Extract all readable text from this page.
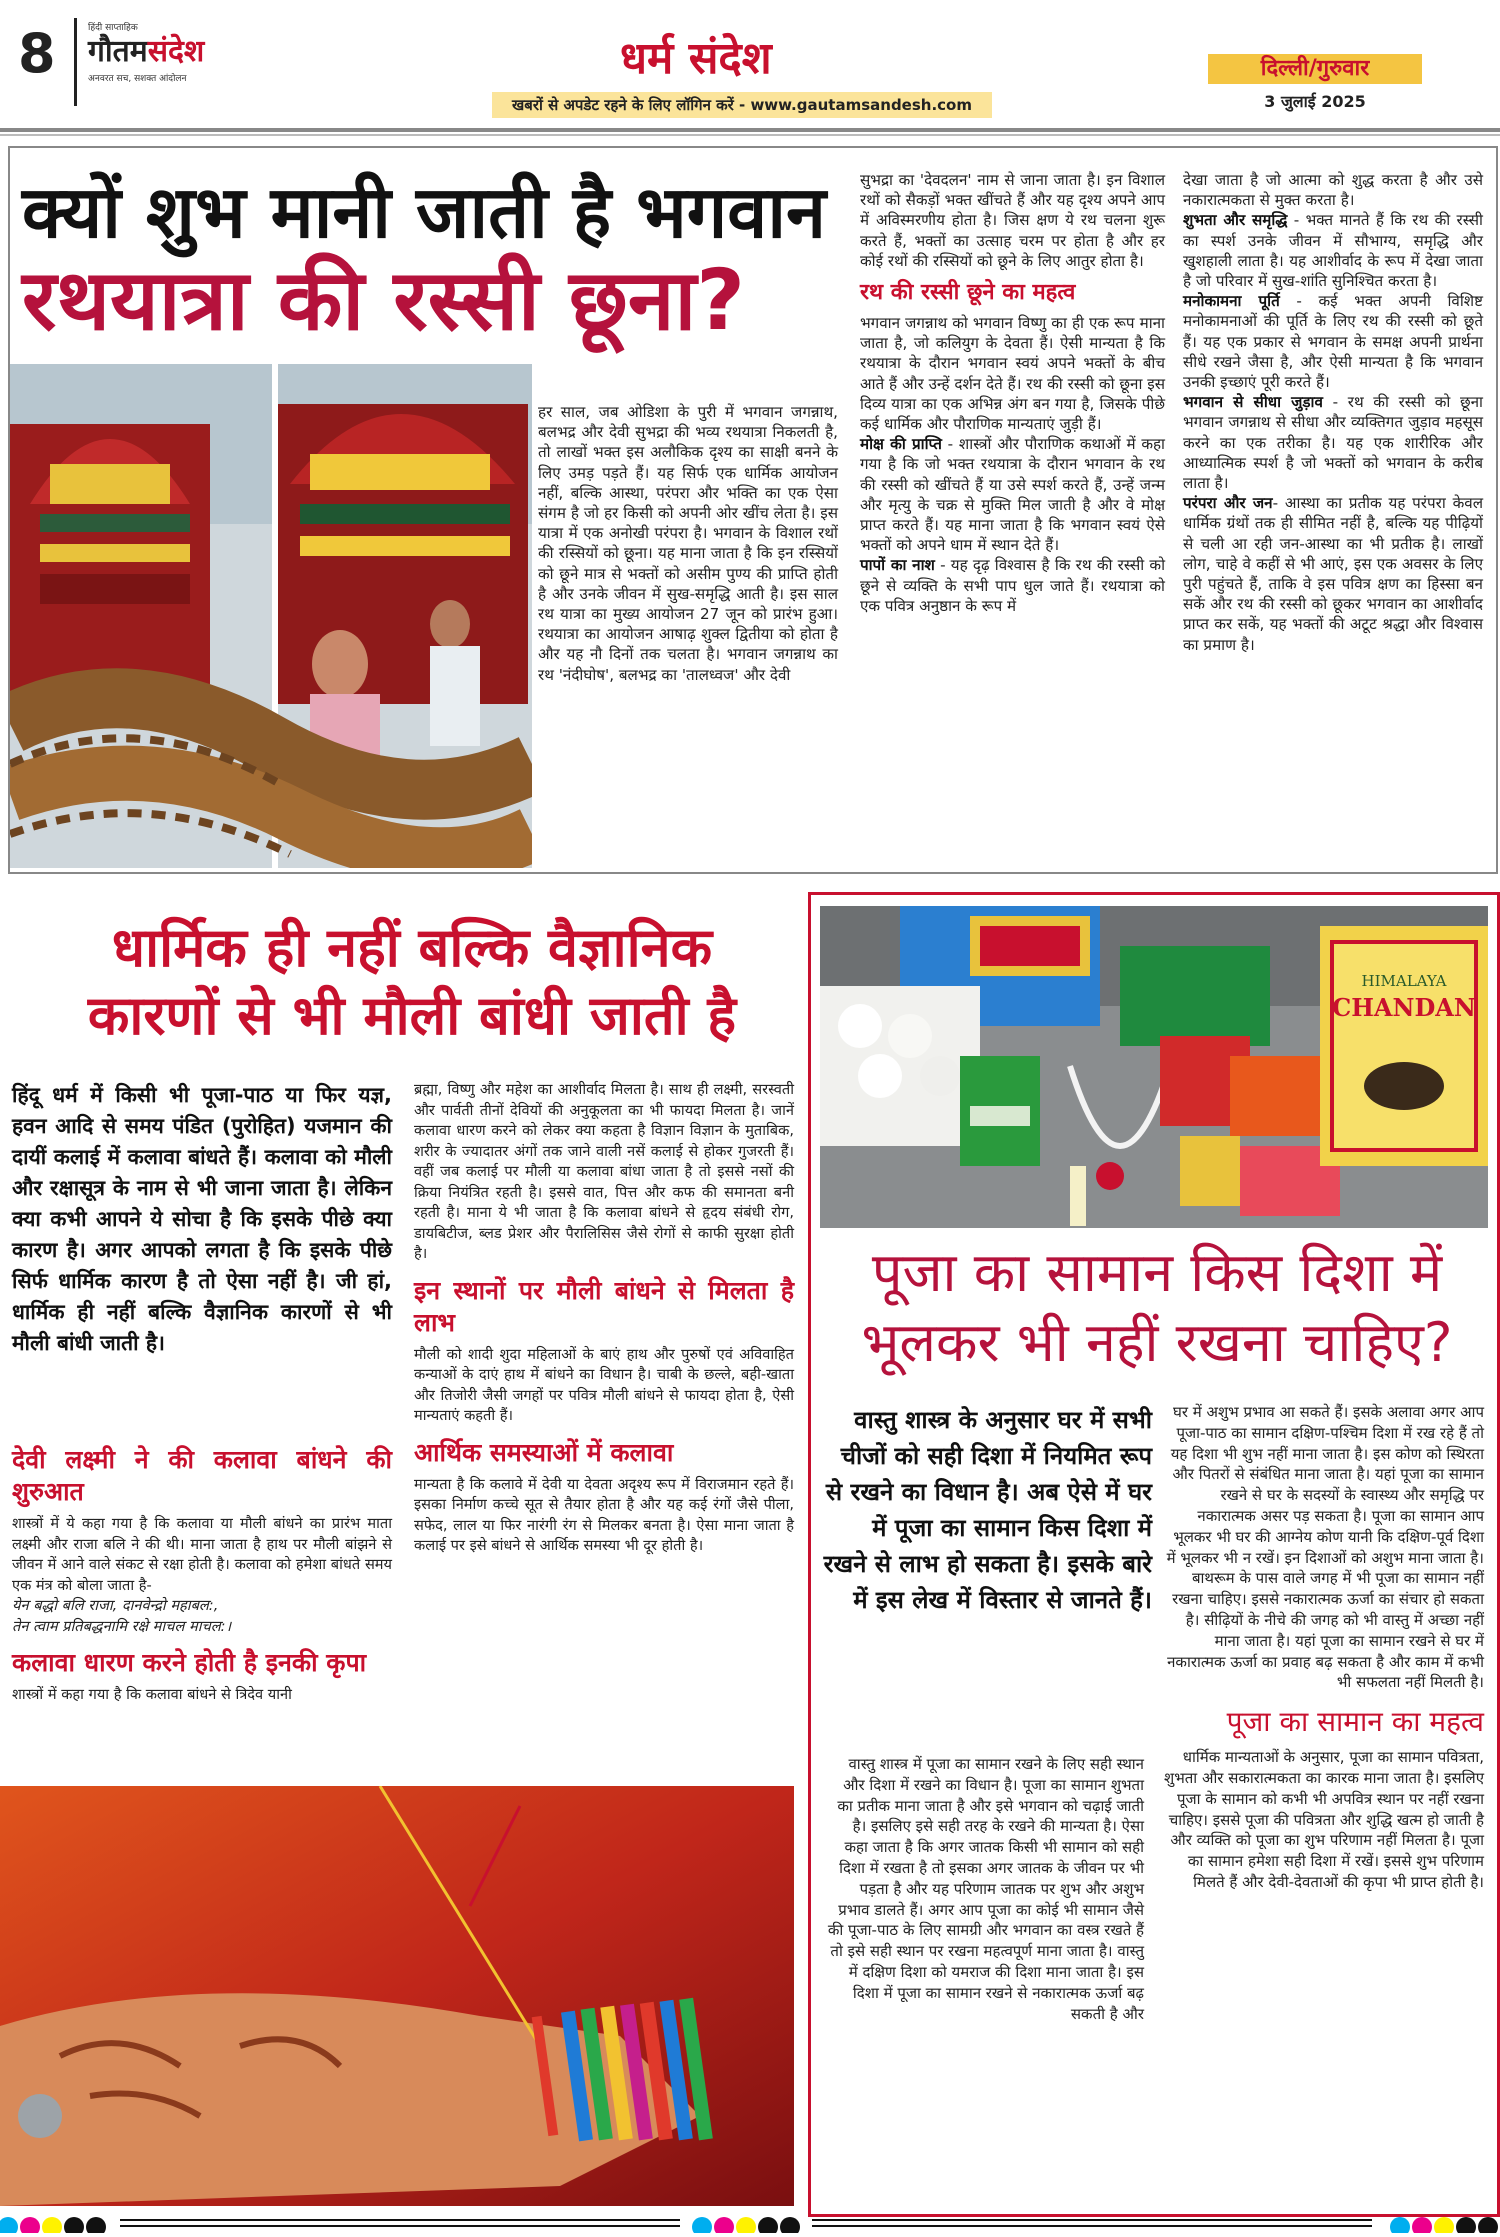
8	हिंदी साप्ताहिक
गौतमसंदेश
अनवरत सच, सशक्त आंदोलन	धर्म संदेश
खबरों से अपडेट रहने के लिए लॉगिन करें - www.gautamsandesh.com
दिल्ली/गुरुवार
3 जुलाई 2025
क्यों शुभ मानी जाती है भगवान
रथयात्रा की रस्सी छूना?

हर साल, जब ओडिशा के पुरी में भगवान जगन्नाथ, बलभद्र और देवी सुभद्रा की भव्य रथयात्रा निकलती है, तो लाखों भक्त इस अलौकिक दृश्य का साक्षी बनने के लिए उमड़ पड़ते हैं। यह सिर्फ एक धार्मिक आयोजन नहीं, बल्कि आस्था, परंपरा और भक्ति का एक ऐसा संगम है जो हर किसी को अपनी ओर खींच लेता है। इस यात्रा में एक अनोखी परंपरा है। भगवान के विशाल रथों की रस्सियों को छूना। यह माना जाता है कि इन रस्सियों को छूने मात्र से भक्तों को असीम पुण्य की प्राप्ति होती है और उनके जीवन में सुख-समृद्धि आती है। इस साल रथ यात्रा का मुख्य आयोजन 27 जून को प्रारंभ हुआ। रथयात्रा का आयोजन आषाढ़ शुक्ल द्वितीया को होता है और यह नौ दिनों तक चलता है। भगवान जगन्नाथ का रथ 'नंदीघोष', बलभद्र का 'तालध्वज' और देवी

सुभद्रा का 'देवदलन' नाम से जाना जाता है। इन विशाल रथों को सैकड़ों भक्त खींचते हैं और यह दृश्य अपने आप में अविस्मरणीय होता है। जिस क्षण ये रथ चलना शुरू करते हैं, भक्तों का उत्साह चरम पर होता है और हर कोई रथों की रस्सियों को छूने के लिए आतुर होता है।

रथ की रस्सी छूने का महत्व

भगवान जगन्नाथ को भगवान विष्णु का ही एक रूप माना जाता है, जो कलियुग के देवता हैं। ऐसी मान्यता है कि रथयात्रा के दौरान भगवान स्वयं अपने भक्तों के बीच आते हैं और उन्हें दर्शन देते हैं। रथ की रस्सी को छूना इस दिव्य यात्रा का एक अभिन्न अंग बन गया है, जिसके पीछे कई धार्मिक और पौराणिक मान्यताएं जुड़ी हैं।

मोक्ष की प्राप्ति - शास्त्रों और पौराणिक कथाओं में कहा गया है कि जो भक्त रथयात्रा के दौरान भगवान के रथ की रस्सी को खींचते हैं या उसे स्पर्श करते हैं, उन्हें जन्म और मृत्यु के चक्र से मुक्ति मिल जाती है और वे मोक्ष प्राप्त करते हैं। यह माना जाता है कि भगवान स्वयं ऐसे भक्तों को अपने धाम में स्थान देते हैं।

पापों का नाश - यह दृढ़ विश्वास है कि रथ की रस्सी को छूने से व्यक्ति के सभी पाप धुल जाते हैं। रथयात्रा को एक पवित्र अनुष्ठान के रूप में

देखा जाता है जो आत्मा को शुद्ध करता है और उसे नकारात्मकता से मुक्त करता है।

शुभता और समृद्धि - भक्त मानते हैं कि रथ की रस्सी का स्पर्श उनके जीवन में सौभाग्य, समृद्धि और खुशहाली लाता है। यह आशीर्वाद के रूप में देखा जाता है जो परिवार में सुख-शांति सुनिश्चित करता है।

मनोकामना पूर्ति - कई भक्त अपनी विशिष्ट मनोकामनाओं की पूर्ति के लिए रथ की रस्सी को छूते हैं। यह एक प्रकार से भगवान के समक्ष अपनी प्रार्थना सीधे रखने जैसा है, और ऐसी मान्यता है कि भगवान उनकी इच्छाएं पूरी करते हैं।

भगवान से सीधा जुड़ाव - रथ की रस्सी को छूना भगवान जगन्नाथ से सीधा और व्यक्तिगत जुड़ाव महसूस करने का एक तरीका है। यह एक शारीरिक और आध्यात्मिक स्पर्श है जो भक्तों को भगवान के करीब लाता है।

परंपरा और जन- आस्था का प्रतीक यह परंपरा केवल धार्मिक ग्रंथों तक ही सीमित नहीं है, बल्कि यह पीढ़ियों से चली आ रही जन-आस्था का भी प्रतीक है। लाखों लोग, चाहे वे कहीं से भी आएं, इस एक अवसर के लिए पुरी पहुंचते हैं, ताकि वे इस पवित्र क्षण का हिस्सा बन सकें और रथ की रस्सी को छूकर भगवान का आशीर्वाद प्राप्त कर सकें, यह भक्तों की अटूट श्रद्धा और विश्वास का प्रमाण है।

धार्मिक ही नहीं बल्कि वैज्ञानिक
कारणों से भी मौली बांधी जाती है
हिंदू धर्म में किसी भी पूजा-पाठ या फिर यज्ञ, हवन आदि से समय पंडित (पुरोहित) यजमान की दायीं कलाई में कलावा बांधते हैं। कलावा को मौली और रक्षासूत्र के नाम से भी जाना जाता है। लेकिन क्या कभी आपने ये सोचा है कि इसके पीछे क्या कारण है। अगर आपको लगता है कि इसके पीछे सिर्फ धार्मिक कारण है तो ऐसा नहीं है। जी हां, धार्मिक ही नहीं बल्कि वैज्ञानिक कारणों से भी मौली बांधी जाती है।
देवी लक्ष्मी ने की कलावा बांधने की शुरुआत

शास्त्रों में ये कहा गया है कि कलावा या मौली बांधने का प्रारंभ माता लक्ष्मी और राजा बलि ने की थी। माना जाता है हाथ पर मौली बांझने से जीवन में आने वाले संकट से रक्षा होती है। कलावा को हमेशा बांधते समय एक मंत्र को बोला जाता है-

येन बद्धो बलि राजा, दानवेन्द्रो महाबल:,

तेन त्वाम प्रतिबद्धनामि रक्षे माचल माचल:।

कलावा धारण करने होती है इनकी कृपा

शास्त्रों में कहा गया है कि कलावा बांधने से त्रिदेव यानी

ब्रह्मा, विष्णु और महेश का आशीर्वाद मिलता है। साथ ही लक्ष्मी, सरस्वती और पार्वती तीनों देवियों की अनुकूलता का भी फायदा मिलता है। जानें कलावा धारण करने को लेकर क्या कहता है विज्ञान विज्ञान के मुताबिक, शरीर के ज्यादातर अंगों तक जाने वाली नसें कलाई से होकर गुजरती हैं। वहीं जब कलाई पर मौली या कलावा बांधा जाता है तो इससे नसों की क्रिया नियंत्रित रहती है। इससे वात, पित्त और कफ की समानता बनी रहती है। माना ये भी जाता है कि कलावा बांधने से हृदय संबंधी रोग, डायबिटीज, ब्लड प्रेशर और पैरालिसिस जैसे रोगों से काफी सुरक्षा होती है।

इन स्थानों पर मौली बांधने से मिलता है लाभ

मौली को शादी शुदा महिलाओं के बाएं हाथ और पुरुषों एवं अविवाहित कन्याओं के दाएं हाथ में बांधने का विधान है। चाबी के छल्ले, बही-खाता और तिजोरी जैसी जगहों पर पवित्र मौली बांधने से फायदा होता है, ऐसी मान्यताएं कहती हैं।

आर्थिक समस्याओं में कलावा

मान्यता है कि कलावे में देवी या देवता अदृश्य रूप में विराजमान रहते हैं। इसका निर्माण कच्चे सूत से तैयार होता है और यह कई रंगों जैसे पीला, सफेद, लाल या फिर नारंगी रंग से मिलकर बनता है। ऐसा माना जाता है कलाई पर इसे बांधने से आर्थिक समस्या भी दूर होती है।

HIMALAYA
CHANDAN
पूजा का सामान किस दिशा में
भूलकर भी नहीं रखना चाहिए?
वास्तु शास्त्र के अनुसार घर में सभी चीजों को सही दिशा में नियमित रूप से रखने का विधान है। अब ऐसे में घर में पूजा का सामान किस दिशा में रखने से लाभ हो सकता है। इसके बारे में इस लेख में विस्तार से जानते हैं।

वास्तु शास्त्र में पूजा का सामान रखने के लिए सही स्थान और दिशा में रखने का विधान है। पूजा का सामान शुभता का प्रतीक माना जाता है और इसे भगवान को चढ़ाई जाती है। इसलिए इसे सही तरह के रखने की मान्यता है। ऐसा कहा जाता है कि अगर जातक किसी भी सामान को सही दिशा में रखता है तो इसका अगर जातक के जीवन पर भी पड़ता है और यह परिणाम जातक पर शुभ और अशुभ प्रभाव डालते हैं। अगर आप पूजा का कोई भी सामान जैसे की पूजा-पाठ के लिए सामग्री और भगवान का वस्त्र रखते हैं तो इसे सही स्थान पर रखना महत्वपूर्ण माना जाता है। वास्तु में दक्षिण दिशा को यमराज की दिशा माना जाता है। इस दिशा में पूजा का सामान रखने से नकारात्मक ऊर्जा बढ़ सकती है और

घर में अशुभ प्रभाव आ सकते हैं। इसके अलावा अगर आप पूजा-पाठ का सामान दक्षिण-पश्चिम दिशा में रख रहे हैं तो यह दिशा भी शुभ नहीं माना जाता है। इस कोण को स्थिरता और पितरों से संबंधित माना जाता है। यहां पूजा का सामान रखने से घर के सदस्यों के स्वास्थ्य और समृद्धि पर नकारात्मक असर पड़ सकता है। पूजा का सामान आप भूलकर भी घर की आग्नेय कोण यानी कि दक्षिण-पूर्व दिशा में भूलकर भी न रखें। इन दिशाओं को अशुभ माना जाता है। बाथरूम के पास वाले जगह में भी पूजा का सामान नहीं रखना चाहिए। इससे नकारात्मक ऊर्जा का संचार हो सकता है। सीढ़ियों के नीचे की जगह को भी वास्तु में अच्छा नहीं माना जाता है। यहां पूजा का सामान रखने से घर में नकारात्मक ऊर्जा का प्रवाह बढ़ सकता है और काम में कभी भी सफलता नहीं मिलती है।

पूजा का सामान का महत्व

धार्मिक मान्यताओं के अनुसार, पूजा का सामान पवित्रता, शुभता और सकारात्मकता का कारक माना जाता है। इसलिए पूजा के सामान को कभी भी अपवित्र स्थान पर नहीं रखना चाहिए। इससे पूजा की पवित्रता और शुद्धि खत्म हो जाती है और व्यक्ति को पूजा का शुभ परिणाम नहीं मिलता है। पूजा का सामान हमेशा सही दिशा में रखें। इससे शुभ परिणाम मिलते हैं और देवी-देवताओं की कृपा भी प्राप्त होती है।
